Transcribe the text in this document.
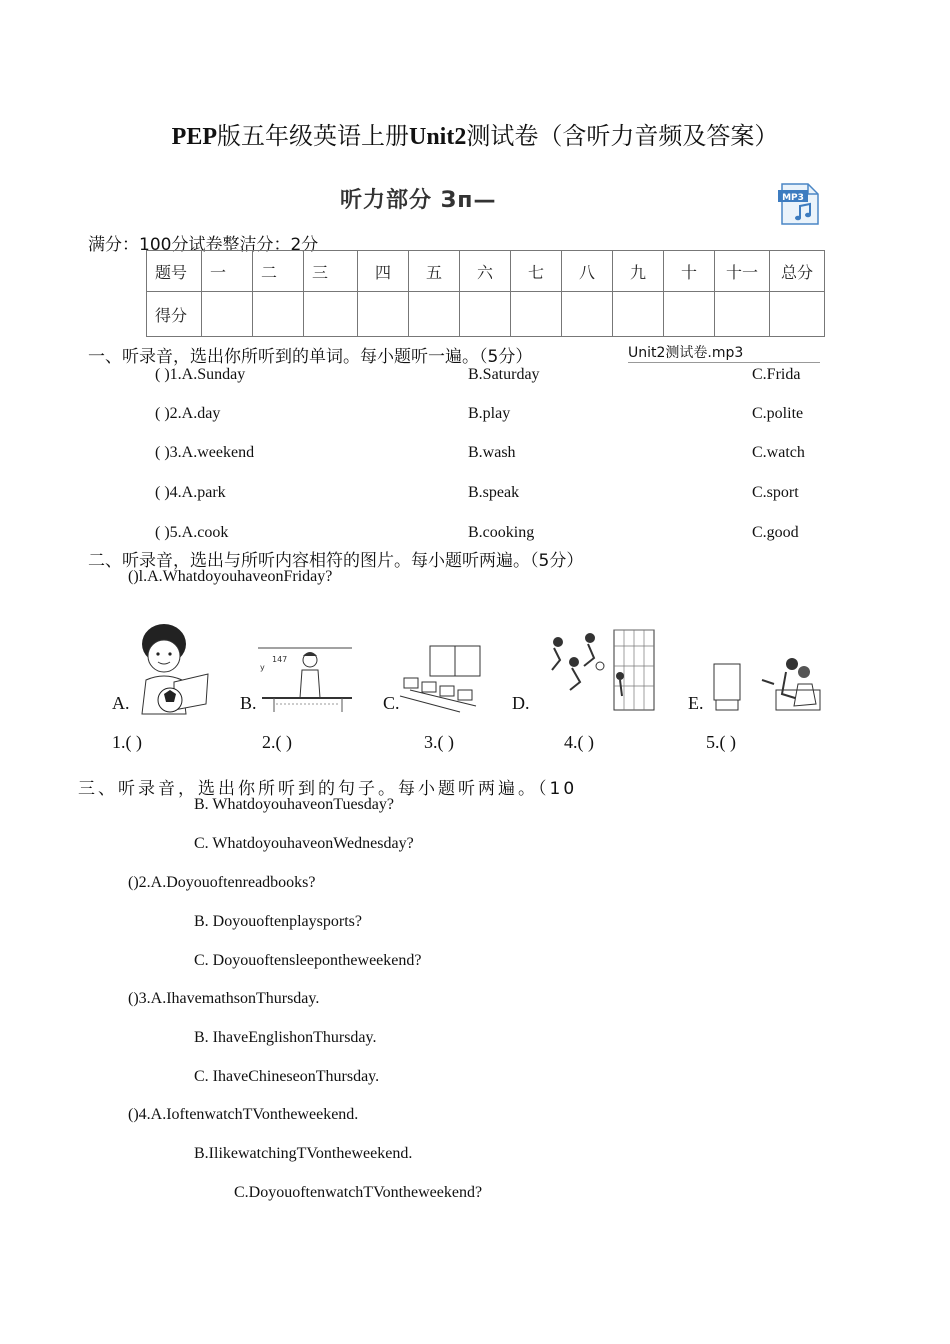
PEP版五年级英语上册Unit2测试卷（含听力音频及答案）
听力部分 Зп—	MP3
满分：100分试卷整洁分：2分
题号	一	二	三	四	五	六	七	八	九	十	十一	总分
得分												
一、听录音，选出你所听到的单词。每小题听一遍。（5分）	Unit2测试卷.mp3
( )1.A.Sunday	B.Saturday	C.Frida
( )2.A.day	B.play	C.polite
( )3.A.weekend	B.wash	C.watch
( )4.A.park	B.speak	C.sport
( )5.A.cook	B.cooking	C.good
二、听录音，选出与所听内容相符的图片。每小题听两遍。（5分）
()l.A.WhatdoyouhaveonFriday?
y
147
A.	B.	C.	D.	E.
1.( )	2.( )	3.( )	4.( )	5.( )
三、听录音，选出你所听到的句子。每小题听两遍。（10
B. WhatdoyouhaveonTuesday?
C. WhatdoyouhaveonWednesday?
()2.A.Doyouoftenreadbooks?
B. Doyouoftenplaysports?
C. Doyouoftensleepontheweekend?
()3.A.IhavemathsonThursday.
B. IhaveEnglishonThursday.
C. IhaveChineseonThursday.
()4.A.IoftenwatchTVontheweekend.
B.IlikewatchingTVontheweekend.
C.DoyouoftenwatchTVontheweekend?
